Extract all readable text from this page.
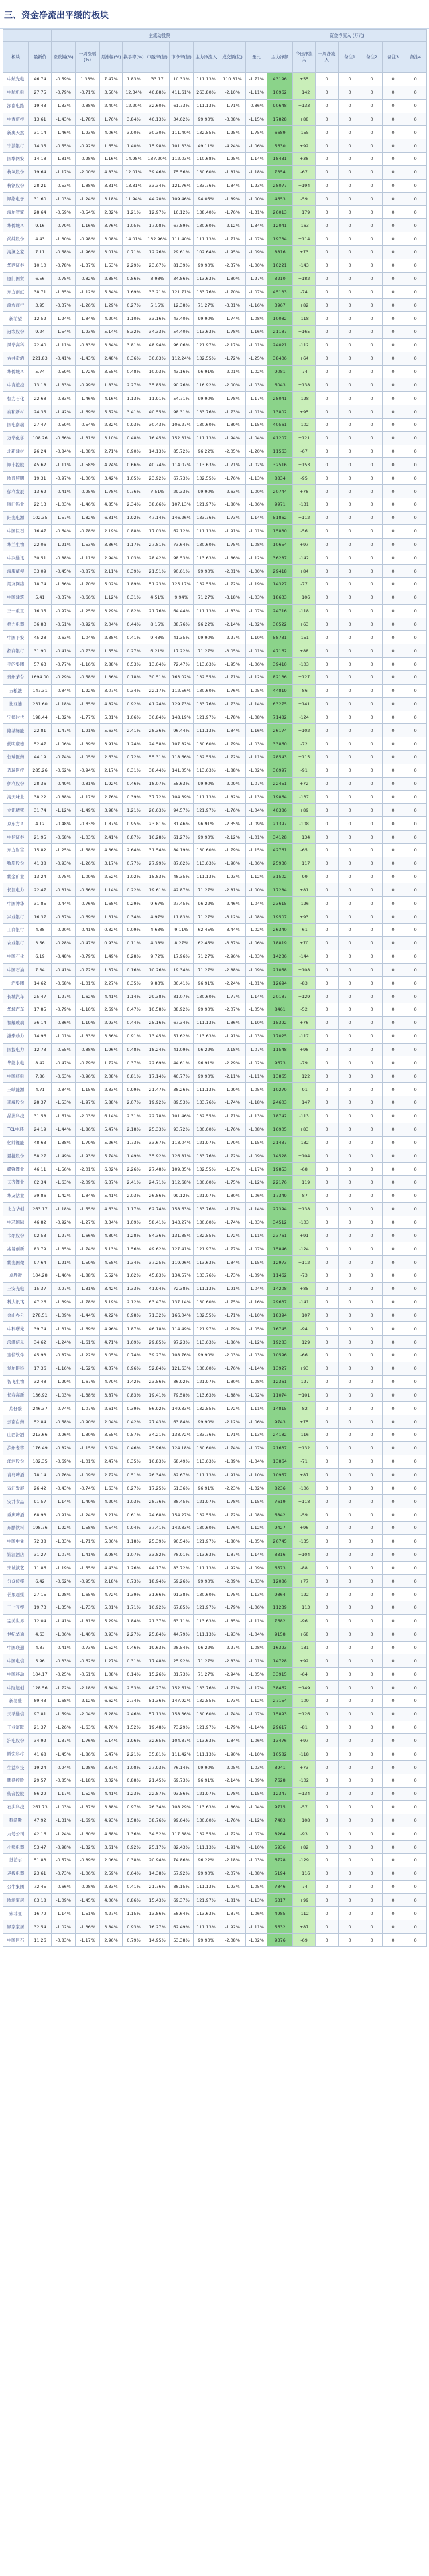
三、资金净流出平缓的板块
		主流动股票									资金净流入 (万元)						
板块	最新价	涨跌幅(%)	一周涨幅(%)	月涨幅(%)	换手率(%)	市盈率(倍)	市净率(倍)	主力净流入	成交额(亿)	量比	主力净额	今日净流入	一周净流入	备注1	备注2	备注3	备注4
中航光电	46.74	-0.59%	1.33%	7.47%	1.83%	33.17	10.33%	111.13%	110.31%	-1.71%	43196	+55	0	0	0	0	0
中航机电	27.75	-0.79%	-0.71%	3.50%	12.34%	46.88%	411.61%	263.80%	-2.10%	-1.11%	10962	+142	0	0	0	0	0
深南电路	19.43	-1.33%	-0.88%	2.40%	12.20%	32.60%	61.73%	111.13%	-1.71%	-0.86%	90648	+133	0	0	0	0	0
中青旅控	13.61	-1.43%	-1.78%	1.76%	3.84%	46.13%	34.62%	99.90%	-3.08%	-1.15%	17828	+88	0	0	0	0	0
新奥天然	31.14	-1.46%	-1.93%	4.06%	3.90%	30.30%	111.40%	132.55%	-1.25%	-1.75%	6689	-155	0	0	0	0	0
宁波银行	14.35	-0.55%	-0.92%	1.65%	1.40%	15.98%	101.33%	49.11%	-4.24%	-1.06%	5630	+92	0	0	0	0	0
国华网安	14.18	-1.81%	-0.28%	1.16%	14.98%	137.20%	112.03%	110.68%	-1.95%	-1.14%	18431	+38	0	0	0	0	0
杭氧股份	19.64	-1.17%	-2.00%	4.83%	12.01%	39.46%	75.56%	130.60%	-1.81%	-1.18%	7354	-67	0	0	0	0	0
杭钢股份	28.21	-0.53%	-1.88%	3.31%	13.31%	33.34%	121.76%	133.76%	-1.84%	-1.23%	28077	+194	0	0	0	0	0
顺络电子	31.60	-1.03%	-1.24%	3.18%	11.94%	44.20%	109.46%	94.05%	-1.89%	-1.00%	4653	-59	0	0	0	0	0
海尔智家	28.64	-0.59%	-0.54%	2.32%	1.21%	12.97%	16.12%	138.40%	-1.76%	-1.31%	26013	+179	0	0	0	0	0
华侨城Ａ	9.16	-0.79%	-1.16%	3.76%	1.05%	17.98%	67.89%	130.60%	-2.12%	-1.34%	12041	-163	0	0	0	0	0
尚纬股份	4.43	-1.30%	-0.98%	3.08%	14.01%	132.96%	111.40%	111.13%	-1.71%	-1.07%	19734	+114	0	0	0	0	0
海澜之家	7.11	-0.58%	-1.96%	3.01%	0.71%	12.26%	29.61%	102.64%	-1.95%	-1.09%	8816	+73	0	0	0	0	0
华西证券	10.10	-0.78%	-1.37%	1.53%	2.29%	23.67%	81.39%	99.90%	-2.37%	-1.00%	10221	-143	0	0	0	0	0
厦门国贸	6.56	-0.75%	-0.82%	2.85%	0.86%	8.98%	34.86%	113.63%	-1.80%	-1.27%	3210	+182	0	0	0	0	0
东方雨虹	38.71	-1.35%	-1.12%	5.34%	1.69%	33.21%	121.71%	133.76%	-1.70%	-1.07%	45133	-74	0	0	0	0	0
渝农商行	3.95	-0.37%	-1.26%	1.29%	0.27%	5.15%	12.38%	71.27%	-3.31%	-1.16%	3967	+82	0	0	0	0	0
新希望	12.52	-1.24%	-1.84%	4.20%	1.10%	33.16%	43.40%	99.90%	-1.74%	-1.08%	10082	-118	0	0	0	0	0
冠农股份	9.24	-1.54%	-1.93%	5.14%	5.32%	34.33%	54.40%	113.63%	-1.78%	-1.16%	21187	+165	0	0	0	0	0
风华高科	22.40	-1.11%	-0.83%	3.34%	3.81%	48.94%	96.06%	121.97%	-2.17%	-1.01%	24021	-112	0	0	0	0	0
古井贡酒	221.83	-0.41%	-1.43%	2.48%	0.36%	36.03%	112.24%	132.55%	-1.72%	-1.25%	38406	+64	0	0	0	0	0
华侨城Ａ	5.74	-0.59%	-1.72%	3.55%	0.48%	10.03%	43.16%	96.91%	-2.01%	-1.02%	9081	-74	0	0	0	0	0
中青旅控	13.18	-1.33%	-0.99%	1.83%	2.27%	35.85%	90.26%	116.92%	-2.00%	-1.03%	6043	+138	0	0	0	0	0
恒力石化	22.68	-0.83%	-1.46%	4.16%	1.13%	11.91%	54.71%	99.90%	-1.78%	-1.17%	28041	-128	0	0	0	0	0
泰和新材	24.35	-1.42%	-1.69%	5.52%	3.41%	40.55%	98.31%	133.76%	-1.73%	-1.01%	13802	+95	0	0	0	0	0
国电南瑞	27.47	-0.59%	-0.54%	2.32%	0.93%	30.43%	106.27%	130.60%	-1.89%	-1.15%	40561	-102	0	0	0	0	0
万华化学	108.26	-0.66%	-1.31%	3.10%	0.48%	16.45%	152.31%	111.13%	-1.94%	-1.04%	41207	+121	0	0	0	0	0
北新建材	26.24	-0.84%	-1.08%	2.71%	0.90%	14.13%	85.72%	96.22%	-2.05%	-1.20%	11563	-67	0	0	0	0	0
顺丰控股	45.62	-1.11%	-1.58%	4.24%	0.66%	40.74%	114.07%	113.63%	-1.71%	-1.02%	32516	+153	0	0	0	0	0
欧普照明	19.31	-0.97%	-1.00%	3.42%	1.05%	23.92%	67.73%	132.55%	-1.76%	-1.13%	8834	-95	0	0	0	0	0
保利发展	13.62	-0.41%	-0.95%	1.78%	0.76%	7.51%	29.33%	99.90%	-2.63%	-1.00%	20744	+78	0	0	0	0	0
厦门钨业	22.13	-1.03%	-1.46%	4.85%	2.34%	38.66%	107.13%	121.97%	-1.80%	-1.06%	9971	-131	0	0	0	0	0
阳光电源	102.35	-1.57%	-1.82%	6.31%	1.92%	47.14%	146.26%	133.76%	-1.73%	-1.14%	51862	+112	0	0	0	0	0
中国巨石	16.47	-0.64%	-0.78%	2.19%	0.88%	17.03%	62.12%	111.13%	-1.91%	-1.01%	15830	-56	0	0	0	0	0
华兰生物	22.06	-1.21%	-1.53%	3.86%	1.17%	27.81%	73.64%	130.60%	-1.75%	-1.08%	10654	+97	0	0	0	0	0
中兴通讯	30.51	-0.88%	-1.11%	2.94%	1.03%	28.42%	98.53%	113.63%	-1.86%	-1.12%	36287	-142	0	0	0	0	0
海康威视	33.09	-0.45%	-0.87%	2.11%	0.39%	21.51%	90.61%	99.90%	-2.01%	-1.00%	29418	+84	0	0	0	0	0
用友网络	18.74	-1.36%	-1.70%	5.02%	1.89%	51.23%	125.17%	132.55%	-1.72%	-1.19%	14327	-77	0	0	0	0	0
中国建筑	5.41	-0.37%	-0.66%	1.12%	0.31%	4.51%	9.94%	71.27%	-3.18%	-1.03%	18633	+106	0	0	0	0	0
三一重工	16.35	-0.97%	-1.25%	3.29%	0.82%	21.76%	64.44%	111.13%	-1.83%	-1.07%	24716	-118	0	0	0	0	0
格力电器	36.83	-0.51%	-0.92%	2.04%	0.44%	8.15%	38.76%	96.22%	-2.14%	-1.02%	30522	+63	0	0	0	0	0
中国平安	45.28	-0.63%	-1.04%	2.38%	0.41%	9.43%	41.35%	99.90%	-2.27%	-1.10%	58731	-151	0	0	0	0	0
招商银行	31.90	-0.41%	-0.73%	1.55%	0.27%	6.21%	17.22%	71.27%	-3.05%	-1.01%	47162	+88	0	0	0	0	0
美的集团	57.63	-0.77%	-1.16%	2.88%	0.53%	13.04%	72.47%	113.63%	-1.95%	-1.06%	39410	-103	0	0	0	0	0
贵州茅台	1694.00	-0.29%	-0.58%	1.36%	0.18%	30.51%	163.02%	132.55%	-1.71%	-1.12%	82136	+127	0	0	0	0	0
五粮液	147.31	-0.84%	-1.22%	3.07%	0.34%	22.17%	112.56%	130.60%	-1.76%	-1.05%	44819	-86	0	0	0	0	0
比亚迪	231.60	-1.18%	-1.65%	4.82%	0.92%	41.24%	129.73%	133.76%	-1.73%	-1.14%	63275	+141	0	0	0	0	0
宁德时代	198.44	-1.32%	-1.77%	5.31%	1.06%	36.84%	148.19%	121.97%	-1.78%	-1.08%	71482	-124	0	0	0	0	0
隆基绿能	22.81	-1.47%	-1.91%	5.63%	2.41%	28.36%	96.44%	111.13%	-1.84%	-1.16%	26174	+102	0	0	0	0	0
药明康德	52.47	-1.06%	-1.39%	3.91%	1.24%	24.58%	107.82%	130.60%	-1.79%	-1.03%	33860	-72	0	0	0	0	0
恒瑞医药	44.19	-0.74%	-1.05%	2.63%	0.72%	55.31%	118.66%	132.55%	-1.72%	-1.11%	28543	+115	0	0	0	0	0
迈瑞医疗	285.26	-0.62%	-0.94%	2.17%	0.31%	38.44%	141.05%	113.63%	-1.88%	-1.02%	36997	-91	0	0	0	0	0
伊利股份	28.36	-0.49%	-0.81%	1.92%	0.46%	18.07%	55.63%	99.90%	-2.09%	-1.07%	22451	+72	0	0	0	0	0
海天味业	38.22	-0.88%	-1.17%	2.76%	0.39%	37.72%	104.39%	111.13%	-1.82%	-1.13%	19864	-137	0	0	0	0	0
立讯精密	31.74	-1.12%	-1.49%	3.98%	1.21%	26.63%	94.57%	121.97%	-1.76%	-1.04%	40386	+89	0	0	0	0	0
京东方Ａ	4.12	-0.48%	-0.83%	1.87%	0.95%	23.81%	31.46%	96.91%	-2.35%	-1.09%	21397	-108	0	0	0	0	0
中信证券	21.95	-0.68%	-1.03%	2.41%	0.87%	16.28%	61.27%	99.90%	-2.12%	-1.01%	34128	+134	0	0	0	0	0
东方财富	15.82	-1.25%	-1.58%	4.36%	2.64%	31.54%	84.19%	130.60%	-1.79%	-1.15%	42761	-65	0	0	0	0	0
牧原股份	41.38	-0.93%	-1.26%	3.17%	0.77%	27.99%	87.62%	113.63%	-1.90%	-1.06%	25930	+117	0	0	0	0	0
紫金矿业	13.24	-0.75%	-1.09%	2.52%	1.02%	15.83%	48.35%	111.13%	-1.93%	-1.12%	31502	-99	0	0	0	0	0
长江电力	22.47	-0.31%	-0.56%	1.14%	0.22%	19.61%	42.87%	71.27%	-2.81%	-1.00%	17284	+81	0	0	0	0	0
中国神华	31.85	-0.44%	-0.76%	1.68%	0.29%	9.67%	27.45%	96.22%	-2.46%	-1.04%	23615	-126	0	0	0	0	0
兴业银行	16.37	-0.37%	-0.69%	1.31%	0.34%	4.97%	11.83%	71.27%	-3.12%	-1.08%	19507	+93	0	0	0	0	0
工商银行	4.88	-0.20%	-0.41%	0.82%	0.09%	4.63%	9.11%	62.45%	-3.44%	-1.02%	26340	-61	0	0	0	0	0
农业银行	3.56	-0.28%	-0.47%	0.93%	0.11%	4.38%	8.27%	62.45%	-3.37%	-1.06%	18819	+70	0	0	0	0	0
中国石化	6.19	-0.48%	-0.79%	1.49%	0.28%	9.72%	17.96%	71.27%	-2.96%	-1.03%	14236	-144	0	0	0	0	0
中国石油	7.34	-0.41%	-0.72%	1.37%	0.16%	10.26%	19.34%	71.27%	-2.88%	-1.09%	21058	+108	0	0	0	0	0
上汽集团	14.62	-0.68%	-1.01%	2.27%	0.35%	9.83%	36.41%	96.91%	-2.24%	-1.01%	12694	-83	0	0	0	0	0
长城汽车	25.47	-1.27%	-1.62%	4.41%	1.14%	29.38%	81.07%	130.60%	-1.77%	-1.14%	20187	+129	0	0	0	0	0
华域汽车	17.85	-0.79%	-1.10%	2.69%	0.47%	10.58%	38.92%	99.90%	-2.07%	-1.05%	8461	-52	0	0	0	0	0
福耀玻璃	36.14	-0.86%	-1.19%	2.93%	0.44%	25.16%	67.34%	111.13%	-1.86%	-1.10%	15392	+76	0	0	0	0	0
潍柴动力	14.96	-1.01%	-1.33%	3.36%	0.91%	13.45%	51.62%	113.63%	-1.91%	-1.03%	17025	-117	0	0	0	0	0
国投电力	12.73	-0.55%	-0.88%	1.96%	0.48%	18.24%	41.09%	96.22%	-2.18%	-1.07%	11548	+98	0	0	0	0	0
华能水电	8.42	-0.47%	-0.79%	1.72%	0.37%	22.69%	44.61%	96.91%	-2.29%	-1.02%	9673	-79	0	0	0	0	0
中国核电	7.86	-0.63%	-0.96%	2.08%	0.81%	17.14%	46.77%	99.90%	-2.11%	-1.11%	13865	+122	0	0	0	0	0
三峡能源	4.71	-0.84%	-1.15%	2.83%	0.99%	21.47%	38.26%	111.13%	-1.99%	-1.05%	10279	-91	0	0	0	0	0
通威股份	28.37	-1.53%	-1.97%	5.88%	2.07%	19.92%	89.53%	133.76%	-1.74%	-1.18%	24603	+147	0	0	0	0	0
晶澳科技	31.58	-1.61%	-2.03%	6.14%	2.31%	22.78%	101.46%	132.55%	-1.71%	-1.13%	18742	-113	0	0	0	0	0
TCL中环	24.19	-1.44%	-1.86%	5.47%	2.18%	25.33%	93.72%	130.60%	-1.76%	-1.08%	16905	+83	0	0	0	0	0
亿纬锂能	48.63	-1.38%	-1.79%	5.26%	1.73%	33.67%	118.04%	121.97%	-1.79%	-1.15%	21437	-132	0	0	0	0	0
恩捷股份	58.27	-1.49%	-1.93%	5.74%	1.49%	35.92%	126.81%	133.76%	-1.72%	-1.09%	14528	+104	0	0	0	0	0
赣锋锂业	46.11	-1.56%	-2.01%	6.02%	2.26%	27.48%	109.35%	132.55%	-1.73%	-1.17%	19853	-68	0	0	0	0	0
天齐锂业	62.34	-1.63%	-2.09%	6.37%	2.41%	24.71%	112.68%	130.60%	-1.75%	-1.12%	22176	+119	0	0	0	0	0
华友钴业	39.86	-1.42%	-1.84%	5.41%	2.03%	26.86%	99.12%	121.97%	-1.80%	-1.06%	17349	-87	0	0	0	0	0
北方华创	263.17	-1.18%	-1.55%	4.63%	1.17%	62.74%	158.63%	133.76%	-1.71%	-1.14%	27394	+138	0	0	0	0	0
中芯国际	46.82	-0.92%	-1.27%	3.34%	1.09%	58.41%	143.27%	130.60%	-1.74%	-1.03%	34512	-103	0	0	0	0	0
韦尔股份	92.53	-1.27%	-1.66%	4.89%	1.28%	54.36%	131.85%	132.55%	-1.72%	-1.11%	23761	+91	0	0	0	0	0
兆易创新	83.79	-1.35%	-1.74%	5.13%	1.56%	49.62%	127.41%	121.97%	-1.77%	-1.07%	15846	-124	0	0	0	0	0
紫光国微	97.64	-1.21%	-1.59%	4.58%	1.34%	37.25%	119.96%	113.63%	-1.84%	-1.15%	12973	+112	0	0	0	0	0
卓胜微	104.28	-1.46%	-1.88%	5.52%	1.62%	45.83%	134.57%	133.76%	-1.73%	-1.09%	11462	-73	0	0	0	0	0
三安光电	15.37	-0.97%	-1.31%	3.42%	1.33%	41.94%	72.38%	111.13%	-1.91%	-1.04%	14208	+85	0	0	0	0	0
科大讯飞	47.26	-1.39%	-1.78%	5.19%	2.12%	63.47%	137.14%	130.60%	-1.75%	-1.16%	29637	-141	0	0	0	0	0
金山办公	278.51	-1.09%	-1.44%	4.22%	0.98%	71.32%	166.04%	132.55%	-1.71%	-1.10%	18394	+107	0	0	0	0	0
中科曙光	39.74	-1.31%	-1.69%	4.96%	1.87%	46.18%	114.49%	121.97%	-1.79%	-1.05%	16745	-94	0	0	0	0	0
浪潮信息	34.62	-1.24%	-1.61%	4.71%	1.69%	29.85%	97.23%	113.63%	-1.86%	-1.12%	19283	+129	0	0	0	0	0
宝信软件	45.93	-0.87%	-1.22%	3.05%	0.74%	39.27%	108.76%	99.90%	-2.03%	-1.03%	10596	-66	0	0	0	0	0
爱尔眼科	17.36	-1.16%	-1.52%	4.37%	0.96%	52.84%	121.63%	130.60%	-1.76%	-1.14%	13927	+93	0	0	0	0	0
智飞生物	32.48	-1.29%	-1.67%	4.79%	1.42%	23.56%	86.92%	121.97%	-1.80%	-1.08%	12361	-127	0	0	0	0	0
长春高新	136.92	-1.03%	-1.38%	3.87%	0.83%	19.41%	79.58%	113.63%	-1.88%	-1.02%	11074	+101	0	0	0	0	0
片仔癀	246.37	-0.74%	-1.07%	2.61%	0.39%	56.92%	149.33%	132.55%	-1.72%	-1.11%	14815	-82	0	0	0	0	0
云南白药	52.84	-0.58%	-0.90%	2.04%	0.42%	27.43%	63.84%	99.90%	-2.12%	-1.06%	9743	+75	0	0	0	0	0
山西汾酒	213.66	-0.96%	-1.30%	3.55%	0.57%	34.21%	138.72%	133.76%	-1.71%	-1.13%	24182	-116	0	0	0	0	0
泸州老窖	176.49	-0.82%	-1.15%	3.02%	0.46%	25.96%	124.18%	130.60%	-1.74%	-1.07%	21637	+132	0	0	0	0	0
洋河股份	102.35	-0.69%	-1.01%	2.47%	0.35%	16.83%	68.49%	113.63%	-1.89%	-1.04%	13864	-71	0	0	0	0	0
青岛啤酒	78.14	-0.76%	-1.09%	2.72%	0.51%	26.34%	82.67%	111.13%	-1.91%	-1.10%	10957	+87	0	0	0	0	0
双汇发展	26.42	-0.43%	-0.74%	1.63%	0.27%	17.25%	51.36%	96.91%	-2.23%	-1.02%	8236	-106	0	0	0	0	0
安井食品	91.57	-1.14%	-1.49%	4.29%	1.03%	28.76%	88.45%	121.97%	-1.78%	-1.15%	7619	+118	0	0	0	0	0
重庆啤酒	68.93	-0.91%	-1.24%	3.21%	0.61%	24.68%	154.27%	132.55%	-1.72%	-1.08%	6842	-59	0	0	0	0	0
东鹏饮料	198.76	-1.22%	-1.58%	4.54%	0.94%	37.41%	142.83%	130.60%	-1.76%	-1.12%	9427	+96	0	0	0	0	0
中国中免	72.38	-1.33%	-1.71%	5.06%	1.18%	25.39%	96.54%	121.97%	-1.80%	-1.05%	26745	-135	0	0	0	0	0
锦江酒店	31.27	-1.07%	-1.41%	3.98%	1.07%	33.82%	78.91%	113.63%	-1.87%	-1.14%	8316	+104	0	0	0	0	0
宋城演艺	11.86	-1.19%	-1.55%	4.43%	1.26%	44.17%	83.72%	111.13%	-1.92%	-1.09%	6573	-88	0	0	0	0	0
分众传媒	6.42	-0.62%	-0.95%	2.18%	0.73%	18.94%	59.26%	99.90%	-2.09%	-1.03%	12086	+77	0	0	0	0	0
芒果超媒	27.15	-1.28%	-1.65%	4.72%	1.39%	31.66%	91.38%	130.60%	-1.75%	-1.13%	9864	-122	0	0	0	0	0
三七互娱	19.73	-1.35%	-1.73%	5.01%	1.71%	16.92%	67.85%	121.97%	-1.79%	-1.06%	11239	+113	0	0	0	0	0
完美世界	12.04	-1.41%	-1.81%	5.29%	1.84%	21.37%	63.11%	113.63%	-1.85%	-1.11%	7682	-96	0	0	0	0	0
世纪华通	4.63	-1.06%	-1.40%	3.93%	2.27%	25.84%	44.79%	111.13%	-1.93%	-1.04%	9158	+68	0	0	0	0	0
中国联通	4.87	-0.41%	-0.73%	1.52%	0.46%	19.63%	28.54%	96.22%	-2.27%	-1.08%	16393	-131	0	0	0	0	0
中国电信	5.96	-0.33%	-0.62%	1.27%	0.31%	17.48%	25.92%	71.27%	-2.83%	-1.01%	14728	+92	0	0	0	0	0
中国移动	104.17	-0.25%	-0.51%	1.08%	0.14%	15.26%	31.73%	71.27%	-2.94%	-1.05%	33915	-64	0	0	0	0	0
中际旭创	128.56	-1.72%	-2.18%	6.84%	2.53%	48.27%	152.61%	133.76%	-1.71%	-1.17%	38462	+149	0	0	0	0	0
新易盛	89.43	-1.68%	-2.12%	6.62%	2.74%	51.36%	147.92%	132.55%	-1.73%	-1.12%	27154	-109	0	0	0	0	0
天孚通信	97.81	-1.59%	-2.04%	6.28%	2.46%	57.13%	158.36%	130.60%	-1.74%	-1.07%	15893	+126	0	0	0	0	0
工业富联	21.37	-1.26%	-1.63%	4.76%	1.52%	19.48%	73.29%	121.97%	-1.79%	-1.14%	29617	-81	0	0	0	0	0
沪电股份	34.92	-1.37%	-1.76%	5.14%	1.96%	32.65%	104.87%	113.63%	-1.84%	-1.06%	13476	+97	0	0	0	0	0
胜宏科技	41.68	-1.45%	-1.86%	5.47%	2.21%	35.81%	111.42%	111.13%	-1.90%	-1.10%	10582	-118	0	0	0	0	0
生益科技	19.24	-0.94%	-1.28%	3.37%	1.08%	27.93%	76.14%	99.90%	-2.05%	-1.03%	8941	+73	0	0	0	0	0
鹏鼎控股	29.57	-0.85%	-1.18%	3.02%	0.88%	21.45%	69.73%	96.91%	-2.14%	-1.09%	7628	-102	0	0	0	0	0
传音控股	86.29	-1.17%	-1.52%	4.41%	1.23%	22.87%	93.56%	121.97%	-1.78%	-1.15%	12347	+134	0	0	0	0	0
石头科技	261.73	-1.03%	-1.37%	3.88%	0.97%	26.34%	108.29%	113.63%	-1.86%	-1.04%	9715	-57	0	0	0	0	0
科沃斯	47.92	-1.31%	-1.69%	4.93%	1.58%	38.76%	99.64%	130.60%	-1.76%	-1.12%	7483	+108	0	0	0	0	0
九号公司	42.16	-1.24%	-1.60%	4.68%	1.36%	34.52%	117.38%	132.55%	-1.72%	-1.07%	8264	-93	0	0	0	0	0
小熊电器	53.47	-0.98%	-1.32%	3.61%	0.92%	25.17%	82.43%	111.13%	-1.91%	-1.10%	5936	+82	0	0	0	0	0
苏泊尔	51.83	-0.57%	-0.89%	2.06%	0.38%	20.94%	74.86%	96.22%	-2.18%	-1.03%	6728	-129	0	0	0	0	0
老板电器	23.61	-0.73%	-1.06%	2.59%	0.64%	14.38%	57.92%	99.90%	-2.07%	-1.08%	5194	+116	0	0	0	0	0
公牛集团	72.45	-0.66%	-0.98%	2.33%	0.41%	21.76%	88.15%	111.13%	-1.93%	-1.05%	7846	-74	0	0	0	0	0
欧派家居	63.18	-1.09%	-1.45%	4.06%	0.86%	15.43%	69.37%	121.97%	-1.81%	-1.13%	6317	+99	0	0	0	0	0
索菲亚	16.79	-1.14%	-1.51%	4.27%	1.15%	13.86%	58.64%	113.63%	-1.87%	-1.06%	4985	-112	0	0	0	0	0
顾家家居	32.54	-1.02%	-1.36%	3.84%	0.93%	16.27%	62.49%	111.13%	-1.92%	-1.11%	5632	+87	0	0	0	0	0
中国巨石	11.26	-0.83%	-1.17%	2.96%	0.79%	14.95%	53.38%	99.90%	-2.08%	-1.02%	9376	-69	0	0	0	0	0
